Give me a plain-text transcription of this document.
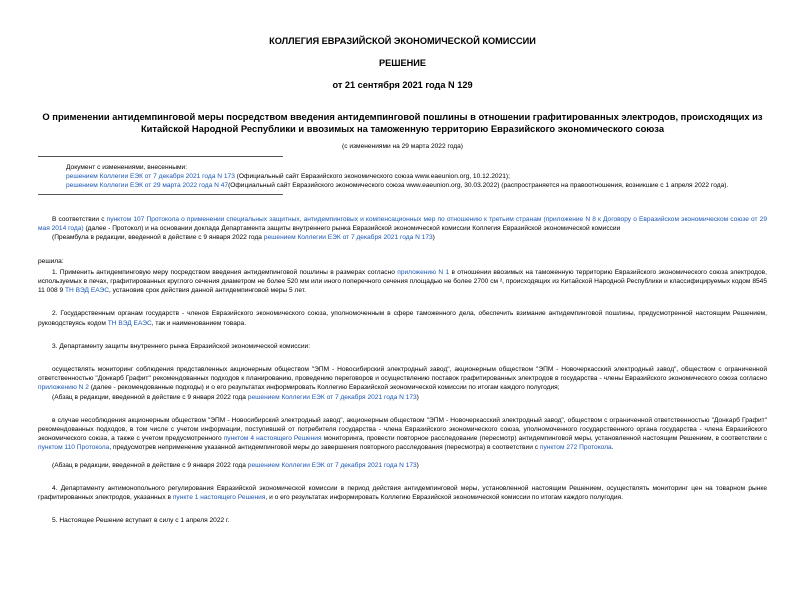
КОЛЛЕГИЯ ЕВРАЗИЙСКОЙ ЭКОНОМИЧЕСКОЙ КОМИССИИ
РЕШЕНИЕ
от 21 сентября 2021 года N 129
О применении антидемпинговой меры посредством введения антидемпинговой пошлины в отношении графитированных электродов, происходящих из Китайской Народной Республики и ввозимых на таможенную территорию Евразийского экономического союза
(с изменениями на 29 марта 2022 года)
Документ с изменениями, внесенными:
решением Коллегии ЕЭК от 7 декабря 2021 года N 173 (Официальный сайт Евразийского экономического союза www.eaeunion.org, 10.12.2021);
решением Коллегии ЕЭК от 29 марта 2022 года N 47(Официальный сайт Евразийского экономического союза www.eaeunion.org, 30.03.2022) (распространяется на правоотношения, возникшие с 1 апреля 2022 года).

В соответствии с пунктом 107 Протокола о применении специальных защитных, антидемпинговых и компенсационных мер по отношению к третьим странам (приложение N 8 к Договору о Евразийском экономическом союзе от 29 мая 2014 года) (далее - Протокол) и на основании доклада Департамента защиты внутреннего рынка Евразийской экономической комиссии Коллегия Евразийской экономической комиссии

(Преамбула в редакции, введенной в действие с 9 января 2022 года решением Коллегии ЕЭК от 7 декабря 2021 года N 173)

решила:

1. Применить антидемпинговую меру посредством введения антидемпинговой пошлины в размерах согласно приложению N 1 в отношении ввозимых на таможенную территорию Евразийского экономического союза электродов, используемых в печах, графитированных круглого сечения диаметром не более 520 мм или иного поперечного сечения площадью не более 2700 см ², происходящих из Китайской Народной Республики и классифицируемых кодом 8545 11 008 9 ТН ВЭД ЕАЭС, установив срок действия данной антидемпинговой меры 5 лет.

2. Государственным органам государств - членов Евразийского экономического союза, уполномоченным в сфере таможенного дела, обеспечить взимание антидемпинговой пошлины, предусмотренной настоящим Решением, руководствуясь кодом ТН ВЭД ЕАЭС, так и наименованием товара.

3. Департаменту защиты внутреннего рынка Евразийской экономической комиссии:

осуществлять мониторинг соблюдения представленных акционерным обществом "ЭПМ - Новосибирский электродный завод", акционерным обществом "ЭПМ - Новочеркасский электродный завод", обществом с ограниченной ответственностью "Донкарб Графит" рекомендованных подходов к планированию, проведению переговоров и осуществлению поставок графитированных электродов в государства - члены Евразийского экономического союза согласно приложению N 2 (далее - рекомендованные подходы) и о его результатах информировать Коллегию Евразийской экономической комиссии по итогам каждого полугодия;

(Абзац в редакции, введенной в действие с 9 января 2022 года решением Коллегии ЕЭК от 7 декабря 2021 года N 173)

в случае несоблюдения акционерным обществом "ЭПМ - Новосибирский электродный завод", акционерным обществом "ЭПМ - Новочеркасский электродный завод", обществом с ограниченной ответственностью "Донкарб Графит" рекомендованных подходов, в том числе с учетом информации, поступившей от потребителя государства - члена Евразийского экономического союза, уполномоченного государственного органа государства - члена Евразийского экономического союза, а также с учетом предусмотренного пунктом 4 настоящего Решения мониторинга, провести повторное расследование (пересмотр) антидемпинговой меры, установленной настоящим Решением, в соответствии с пунктом 110 Протокола, предусмотрев неприменение указанной антидемпинговой меры до завершения повторного расследования (пересмотра) в соответствии с пунктом 272 Протокола.

(Абзац в редакции, введенной в действие с 9 января 2022 года решением Коллегии ЕЭК от 7 декабря 2021 года N 173)

4. Департаменту антимонопольного регулирования Евразийской экономической комиссии в период действия антидемпинговой меры, установленной настоящим Решением, осуществлять мониторинг цен на товарном рынке графитированных электродов, указанных в пункте 1 настоящего Решения, и о его результатах информировать Коллегию Евразийской экономической комиссии по итогам каждого полугодия.

5. Настоящее Решение вступает в силу с 1 апреля 2022 г.
